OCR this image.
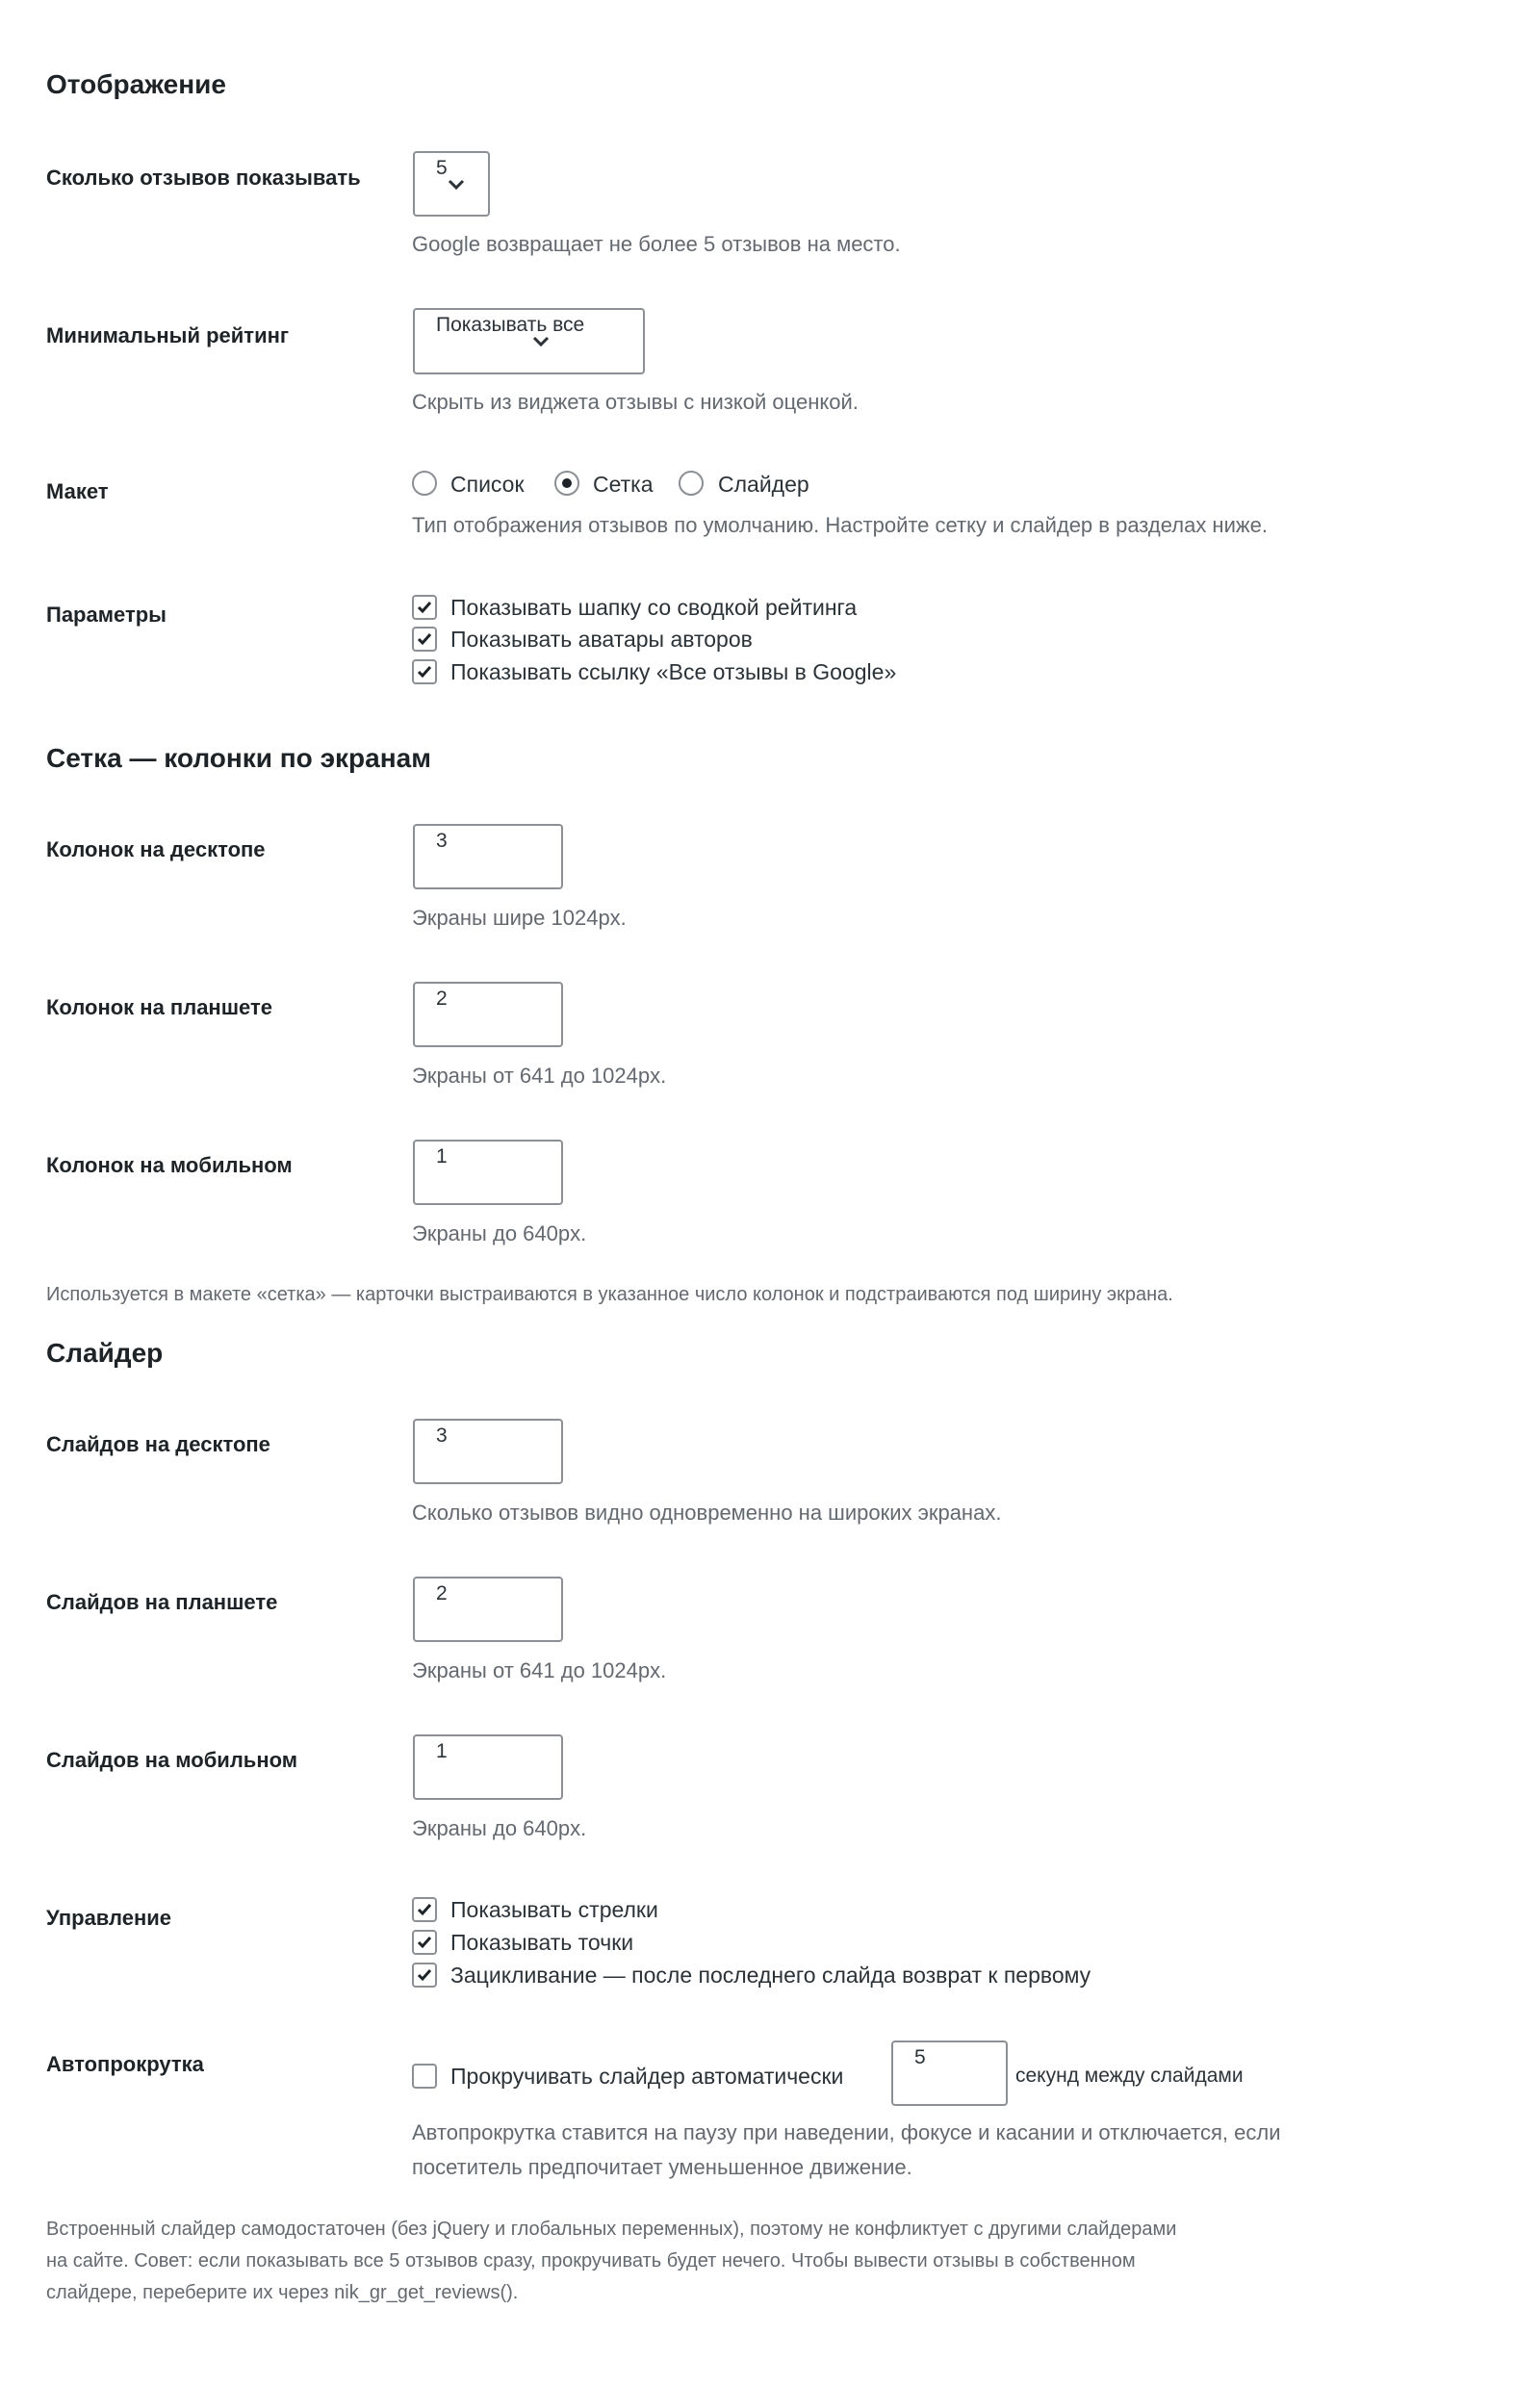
Отображение
Сколько отзывов показывать	5
Google возвращает не более 5 отзывов на место.
Минимальный рейтинг	Показывать все
Скрыть из виджета отзывы с низкой оценкой.
Макет	Список	Сетка	Слайдер
Тип отображения отзывов по умолчанию. Настройте сетку и слайдер в разделах ниже.
Параметры	Показывать шапку со сводкой рейтинга
Показывать аватары авторов
Показывать ссылку «Все отзывы в Google»
Сетка — колонки по экранам
Колонок на десктопе	3
Экраны шире 1024px.
Колонок на планшете	2
Экраны от 641 до 1024px.
Колонок на мобильном	1
Экраны до 640px.
Используется в макете «сетка» — карточки выстраиваются в указанное число колонок и подстраиваются под ширину экрана.
Слайдер
Слайдов на десктопе	3
Сколько отзывов видно одновременно на широких экранах.
Слайдов на планшете	2
Экраны от 641 до 1024px.
Слайдов на мобильном	1
Экраны до 640px.
Управление	Показывать стрелки
Показывать точки
Зацикливание — после последнего слайда возврат к первому
Автопрокрутка	Прокручивать слайдер автоматически
5
секунд между слайдами
Автопрокрутка ставится на паузу при наведении, фокусе и касании и отключается, если
посетитель предпочитает уменьшенное движение.
Встроенный слайдер самодостаточен (без jQuery и глобальных переменных), поэтому не конфликтует с другими слайдерами
на сайте. Совет: если показывать все 5 отзывов сразу, прокручивать будет нечего. Чтобы вывести отзывы в собственном
слайдере, переберите их через nik_gr_get_reviews().
